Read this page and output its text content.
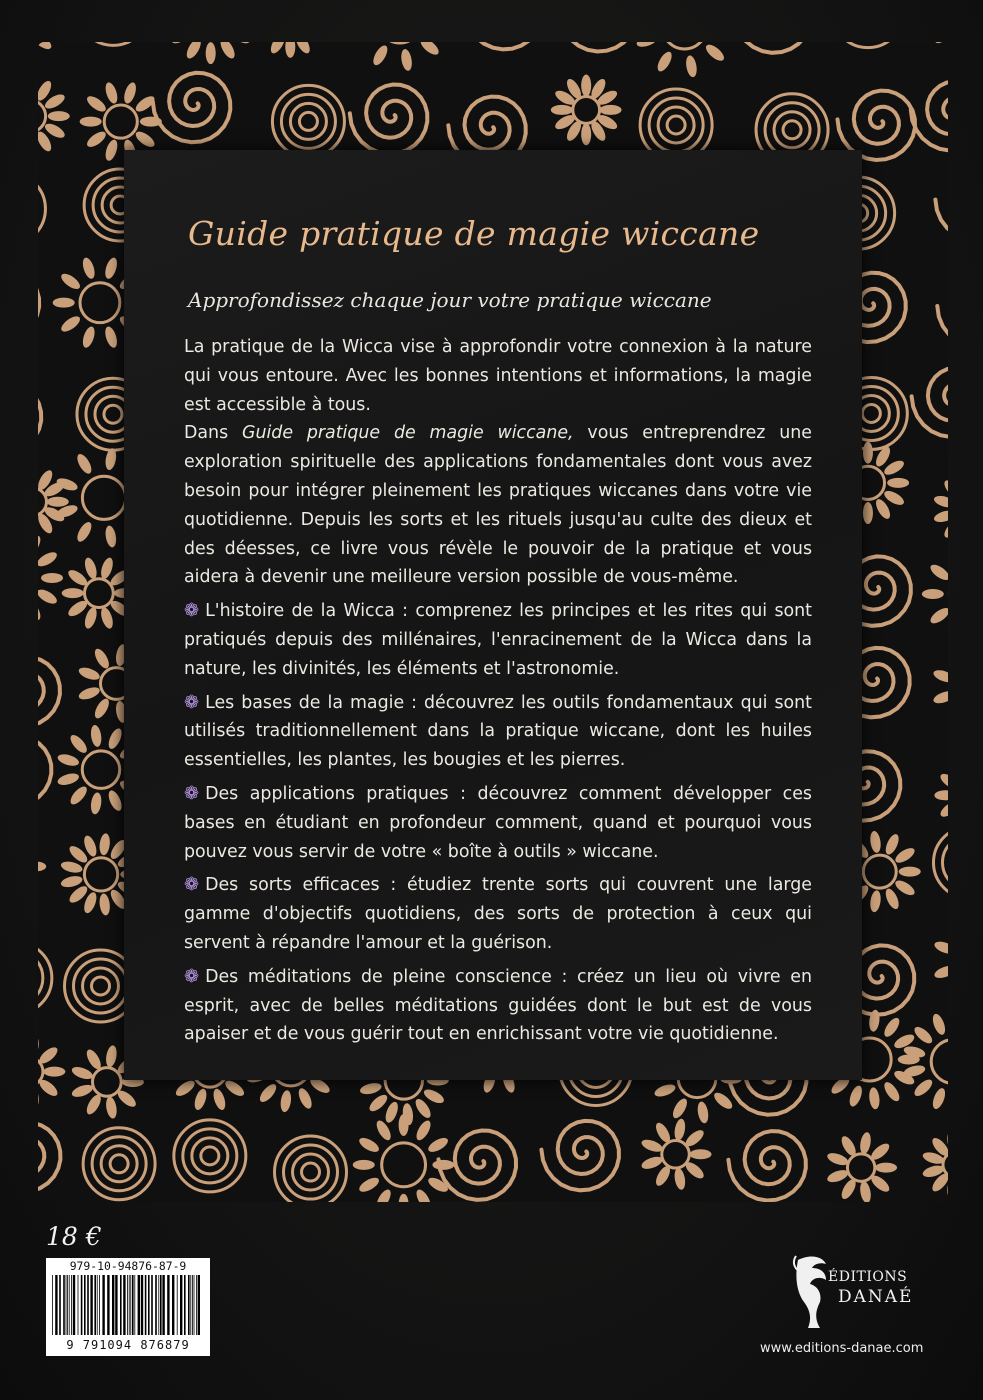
Guide pratique de magie wiccane
Approfondissez chaque jour votre pratique wiccane

La pratique de la Wicca vise à approfondir votre connexion à la nature qui vous entoure. Avec les bonnes intentions et informations, la magie est accessible à tous.

Dans Guide pratique de magie wiccane, vous entreprendrez une exploration spirituelle des applications fondamentales dont vous avez besoin pour intégrer pleinement les pratiques wiccanes dans votre vie quotidienne. Depuis les sorts et les rituels jusqu'au culte des dieux et des déesses, ce livre vous révèle le pouvoir de la pratique et vous aidera à devenir une meilleure version possible de vous-même.

❁ L'histoire de la Wicca : comprenez les principes et les rites qui sont pratiqués depuis des millénaires, l'enracinement de la Wicca dans la nature, les divinités, les éléments et l'astronomie.

❁ Les bases de la magie : découvrez les outils fondamentaux qui sont utilisés traditionnellement dans la pratique wiccane, dont les huiles essentielles, les plantes, les bougies et les pierres.

❁ Des applications pratiques : découvrez comment développer ces bases en étudiant en profondeur comment, quand et pourquoi vous pouvez vous servir de votre « boîte à outils » wiccane.

❁ Des sorts efficaces : étudiez trente sorts qui couvrent une large gamme d'objectifs quotidiens, des sorts de protection à ceux qui servent à répandre l'amour et la guérison.

❁ Des méditations de pleine conscience : créez un lieu où vivre en esprit, avec de belles méditations guidées dont le but est de vous apaiser et de vous guérir tout en enrichissant votre vie quotidienne.

18 €
979-10-94876-87-9
9 791094 876879
ÉDITIONS
DANAÉ
www.editions-danae.com
